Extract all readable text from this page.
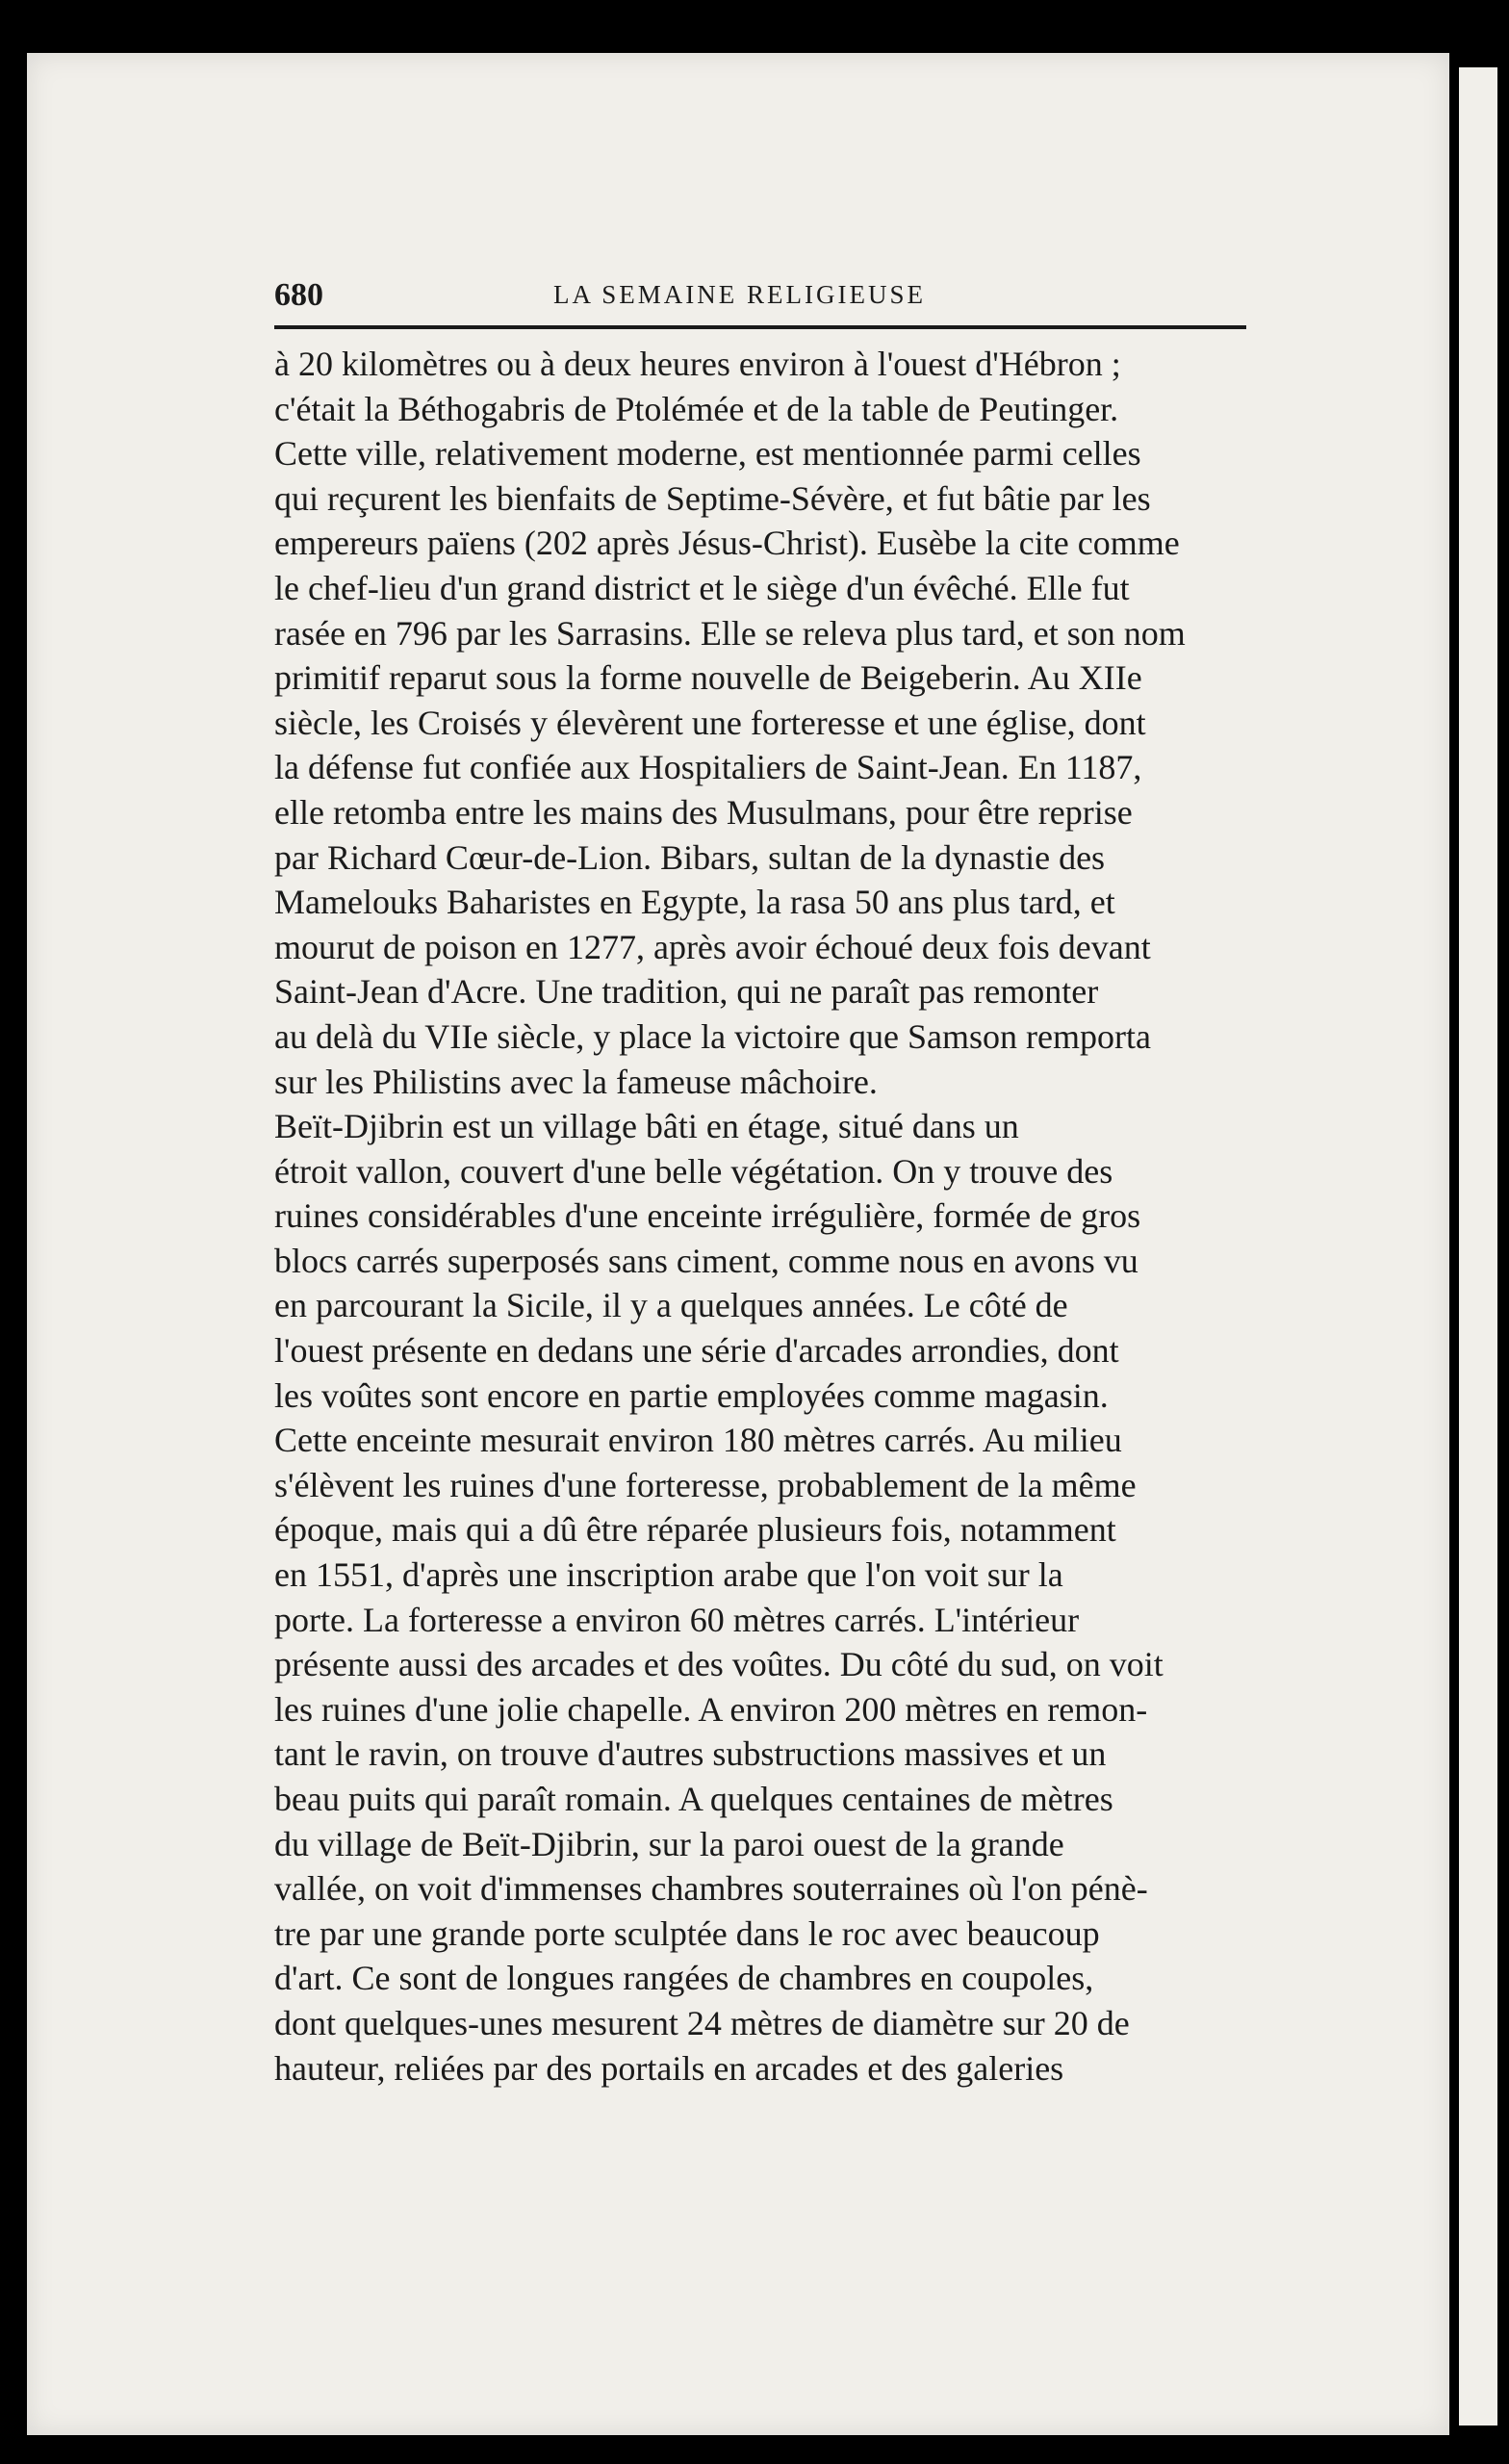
680	LA SEMAINE RELIGIEUSE
à 20 kilomètres ou à deux heures environ à l'ouest d'Hébron ;
c'était la Béthogabris de Ptolémée et de la table de Peutinger.
Cette ville, relativement moderne, est mentionnée parmi celles
qui reçurent les bienfaits de Septime-Sévère, et fut bâtie par les
empereurs païens (202 après Jésus-Christ). Eusèbe la cite comme
le chef-lieu d'un grand district et le siège d'un évêché. Elle fut
rasée en 796 par les Sarrasins. Elle se releva plus tard, et son nom
primitif reparut sous la forme nouvelle de Beigeberin. Au XIIe
siècle, les Croisés y élevèrent une forteresse et une église, dont
la défense fut confiée aux Hospitaliers de Saint-Jean. En 1187,
elle retomba entre les mains des Musulmans, pour être reprise
par Richard Cœur-de-Lion. Bibars, sultan de la dynastie des
Mamelouks Baharistes en Egypte, la rasa 50 ans plus tard, et
mourut de poison en 1277, après avoir échoué deux fois devant
Saint-Jean d'Acre. Une tradition, qui ne paraît pas remonter
au delà du VIIe siècle, y place la victoire que Samson remporta
sur les Philistins avec la fameuse mâchoire.
Beït-Djibrin est un village bâti en étage, situé dans un
étroit vallon, couvert d'une belle végétation. On y trouve des
ruines considérables d'une enceinte irrégulière, formée de gros
blocs carrés superposés sans ciment, comme nous en avons vu
en parcourant la Sicile, il y a quelques années. Le côté de
l'ouest présente en dedans une série d'arcades arrondies, dont
les voûtes sont encore en partie employées comme magasin.
Cette enceinte mesurait environ 180 mètres carrés. Au milieu
s'élèvent les ruines d'une forteresse, probablement de la même
époque, mais qui a dû être réparée plusieurs fois, notamment
en 1551, d'après une inscription arabe que l'on voit sur la
porte. La forteresse a environ 60 mètres carrés. L'intérieur
présente aussi des arcades et des voûtes. Du côté du sud, on voit
les ruines d'une jolie chapelle. A environ 200 mètres en remon-
tant le ravin, on trouve d'autres substructions massives et un
beau puits qui paraît romain. A quelques centaines de mètres
du village de Beït-Djibrin, sur la paroi ouest de la grande
vallée, on voit d'immenses chambres souterraines où l'on pénè-
tre par une grande porte sculptée dans le roc avec beaucoup
d'art. Ce sont de longues rangées de chambres en coupoles,
dont quelques-unes mesurent 24 mètres de diamètre sur 20 de
hauteur, reliées par des portails en arcades et des galeries
